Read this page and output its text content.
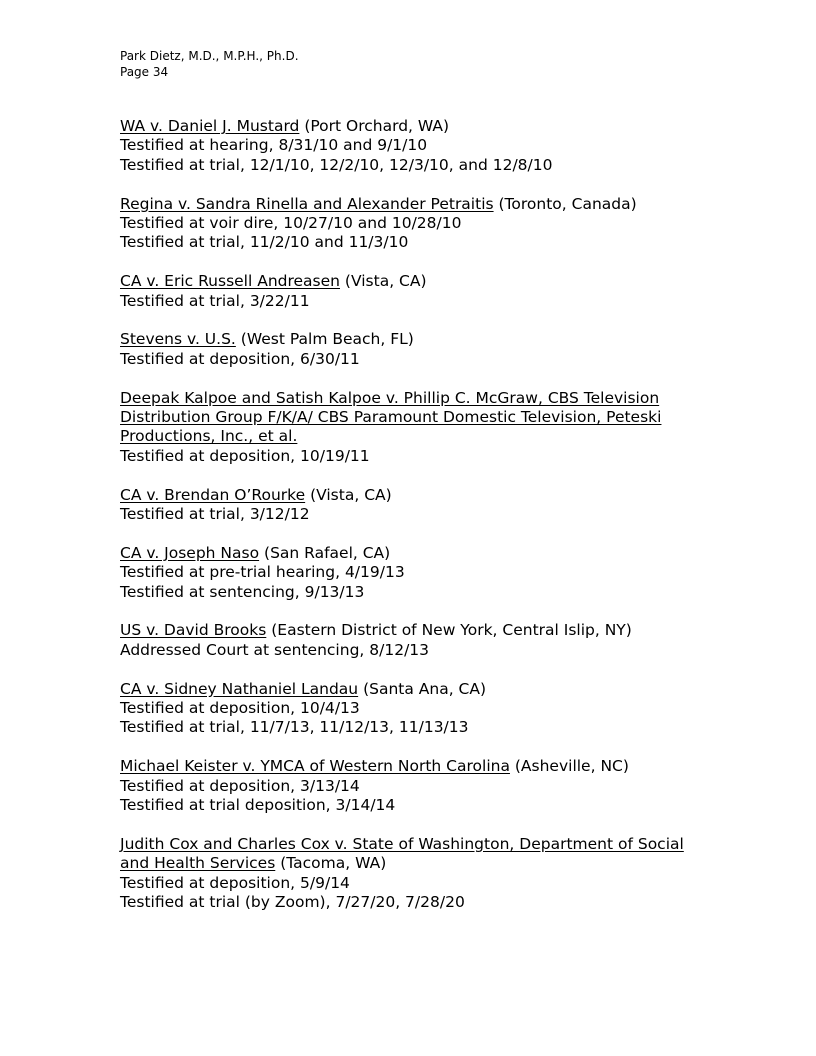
Park Dietz, M.D., M.P.H., Ph.D.
Page 34
WA v. Daniel J. Mustard (Port Orchard, WA)
Testified at hearing, 8/31/10 and 9/1/10
Testified at trial, 12/1/10, 12/2/10, 12/3/10, and 12/8/10
Regina v. Sandra Rinella and Alexander Petraitis (Toronto, Canada)
Testified at voir dire, 10/27/10 and 10/28/10
Testified at trial, 11/2/10 and 11/3/10
CA v. Eric Russell Andreasen (Vista, CA)
Testified at trial, 3/22/11
Stevens v. U.S. (West Palm Beach, FL)
Testified at deposition, 6/30/11
Deepak Kalpoe and Satish Kalpoe v. Phillip C. McGraw, CBS Television Distribution Group F/K/A/ CBS Paramount Domestic Television, Peteski Productions, Inc., et al.
Testified at deposition, 10/19/11
CA v. Brendan O’Rourke (Vista, CA)
Testified at trial, 3/12/12
CA v. Joseph Naso (San Rafael, CA)
Testified at pre-trial hearing, 4/19/13
Testified at sentencing, 9/13/13
US v. David Brooks (Eastern District of New York, Central Islip, NY)
Addressed Court at sentencing, 8/12/13
CA v. Sidney Nathaniel Landau (Santa Ana, CA)
Testified at deposition, 10/4/13
Testified at trial, 11/7/13, 11/12/13, 11/13/13
Michael Keister v. YMCA of Western North Carolina (Asheville, NC)
Testified at deposition, 3/13/14
Testified at trial deposition, 3/14/14
Judith Cox and Charles Cox v. State of Washington, Department of Social and Health Services (Tacoma, WA)
Testified at deposition, 5/9/14
Testified at trial (by Zoom), 7/27/20, 7/28/20
